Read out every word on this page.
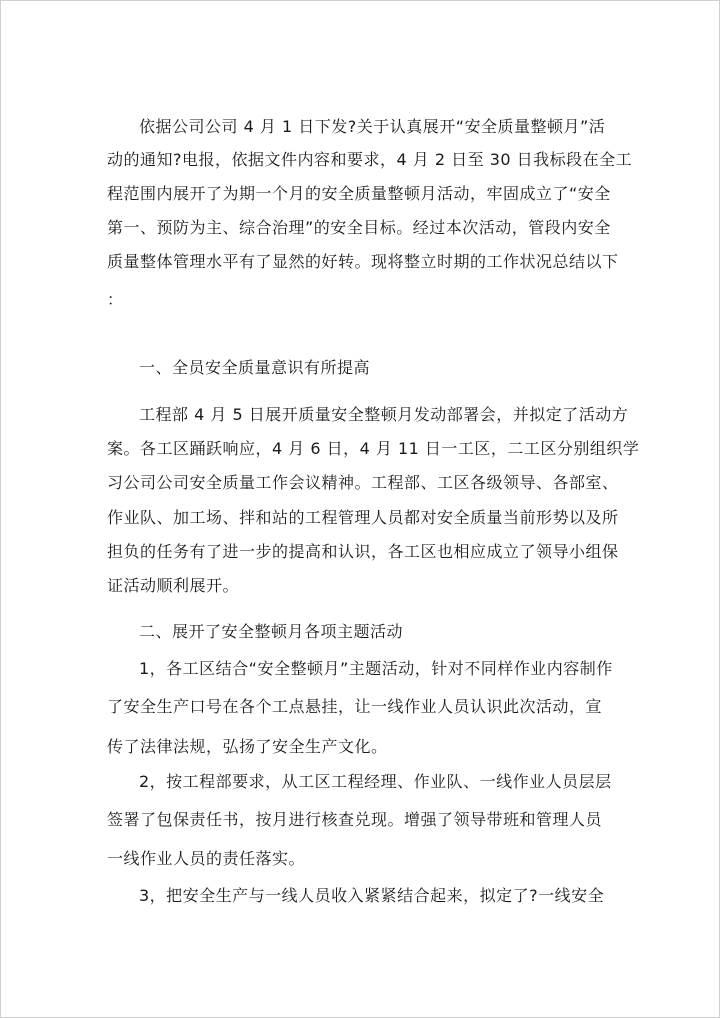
依据公司公司 4 月 1 日下发?关于认真展开“安全质量整顿月”活
动的通知?电报，依据文件内容和要求，4 月 2 日至 30 日我标段在全工
程范围内展开了为期一个月的安全质量整顿月活动，牢固成立了“安全
第一、预防为主、综合治理”的安全目标。经过本次活动，管段内安全
质量整体管理水平有了显然的好转。现将整立时期的工作状况总结以下
：
一、全员安全质量意识有所提高
工程部 4 月 5 日展开质量安全整顿月发动部署会，并拟定了活动方
案。各工区踊跃响应，4 月 6 日，4 月 11 日一工区，二工区分别组织学
习公司公司安全质量工作会议精神。工程部、工区各级领导、各部室、
作业队、加工场、拌和站的工程管理人员都对安全质量当前形势以及所
担负的任务有了进一步的提高和认识，各工区也相应成立了领导小组保
证活动顺利展开。
二、展开了安全整顿月各项主题活动
1，各工区结合“安全整顿月”主题活动，针对不同样作业内容制作
了安全生产口号在各个工点悬挂，让一线作业人员认识此次活动，宣
传了法律法规，弘扬了安全生产文化。
2，按工程部要求，从工区工程经理、作业队、一线作业人员层层
签署了包保责任书，按月进行核查兑现。增强了领导带班和管理人员
一线作业人员的责任落实。
3，把安全生产与一线人员收入紧紧结合起来，拟定了?一线安全
